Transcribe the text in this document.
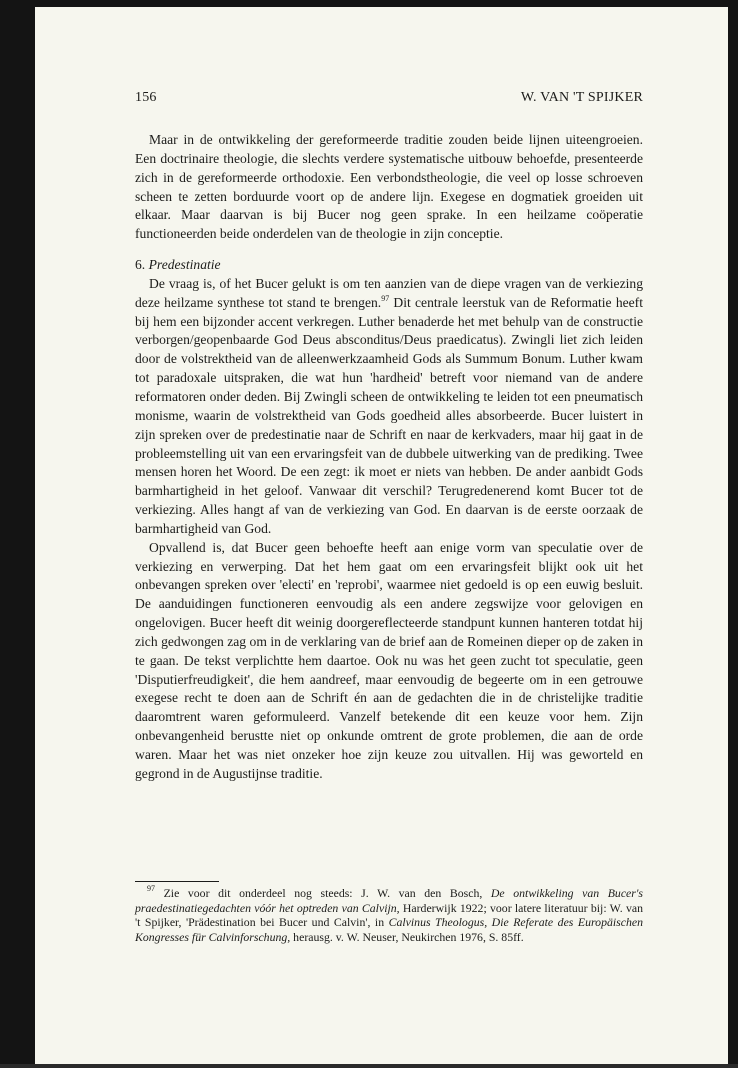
156	W. VAN 'T SPIJKER

Maar in de ontwikkeling der gereformeerde traditie zouden beide lijnen uiteengroeien. Een doctrinaire theologie, die slechts verdere systematische uitbouw behoefde, presenteerde zich in de gereformeerde orthodoxie. Een verbondstheologie, die veel op losse schroeven scheen te zetten borduurde voort op de andere lijn. Exegese en dogmatiek groeiden uit elkaar. Maar daarvan is bij Bucer nog geen sprake. In een heilzame coöperatie functioneerden beide onderdelen van de theologie in zijn conceptie.

6. Predestinatie

De vraag is, of het Bucer gelukt is om ten aanzien van de diepe vragen van de verkiezing deze heilzame synthese tot stand te brengen.$^{97}$ Dit centrale leerstuk van de Reformatie heeft bij hem een bijzonder accent verkregen. Luther benaderde het met behulp van de constructie verborgen/geopenbaarde God Deus absconditus/Deus praedicatus). Zwingli liet zich leiden door de volstrektheid van de alleenwerkzaamheid Gods als Summum Bonum. Luther kwam tot paradoxale uitspraken, die wat hun 'hardheid' betreft voor niemand van de andere reformatoren onder deden. Bij Zwingli scheen de ontwikkeling te leiden tot een pneumatisch monisme, waarin de volstrektheid van Gods goedheid alles absorbeerde. Bucer luistert in zijn spreken over de predestinatie naar de Schrift en naar de kerkvaders, maar hij gaat in de probleemstelling uit van een ervaringsfeit van de dubbele uitwerking van de prediking. Twee mensen horen het Woord. De een zegt: ik moet er niets van hebben. De ander aanbidt Gods barmhartigheid in het geloof. Vanwaar dit verschil? Terugredenerend komt Bucer tot de verkiezing. Alles hangt af van de verkiezing van God. En daarvan is de eerste oorzaak de barmhartigheid van God.

Opvallend is, dat Bucer geen behoefte heeft aan enige vorm van speculatie over de verkiezing en verwerping. Dat het hem gaat om een ervaringsfeit blijkt ook uit het onbevangen spreken over 'electi' en 'reprobi', waarmee niet gedoeld is op een euwig besluit. De aanduidingen functioneren eenvoudig als een andere zegswijze voor gelovigen en ongelovigen. Bucer heeft dit weinig doorgereflecteerde standpunt kunnen hanteren totdat hij zich gedwongen zag om in de verklaring van de brief aan de Romeinen dieper op de zaken in te gaan. De tekst verplichtte hem daartoe. Ook nu was het geen zucht tot speculatie, geen 'Disputierfreudigkeit', die hem aandreef, maar eenvoudig de begeerte om in een getrouwe exegese recht te doen aan de Schrift én aan de gedachten die in de christelijke traditie daaromtrent waren geformuleerd. Vanzelf betekende dit een keuze voor hem. Zijn onbevangenheid berustte niet op onkunde omtrent de grote problemen, die aan de orde waren. Maar het was niet onzeker hoe zijn keuze zou uitvallen. Hij was geworteld en gegrond in de Augustijnse traditie.

$^{97}$ Zie voor dit onderdeel nog steeds: J. W. van den Bosch, De ontwikkeling van Bucer's praedestinatiegedachten vóór het optreden van Calvijn, Harderwijk 1922; voor latere literatuur bij: W. van 't Spijker, 'Prädestination bei Bucer und Calvin', in Calvinus Theologus, Die Referate des Europäischen Kongresses für Calvinforschung, herausg. v. W. Neuser, Neukirchen 1976, S. 85ff.
